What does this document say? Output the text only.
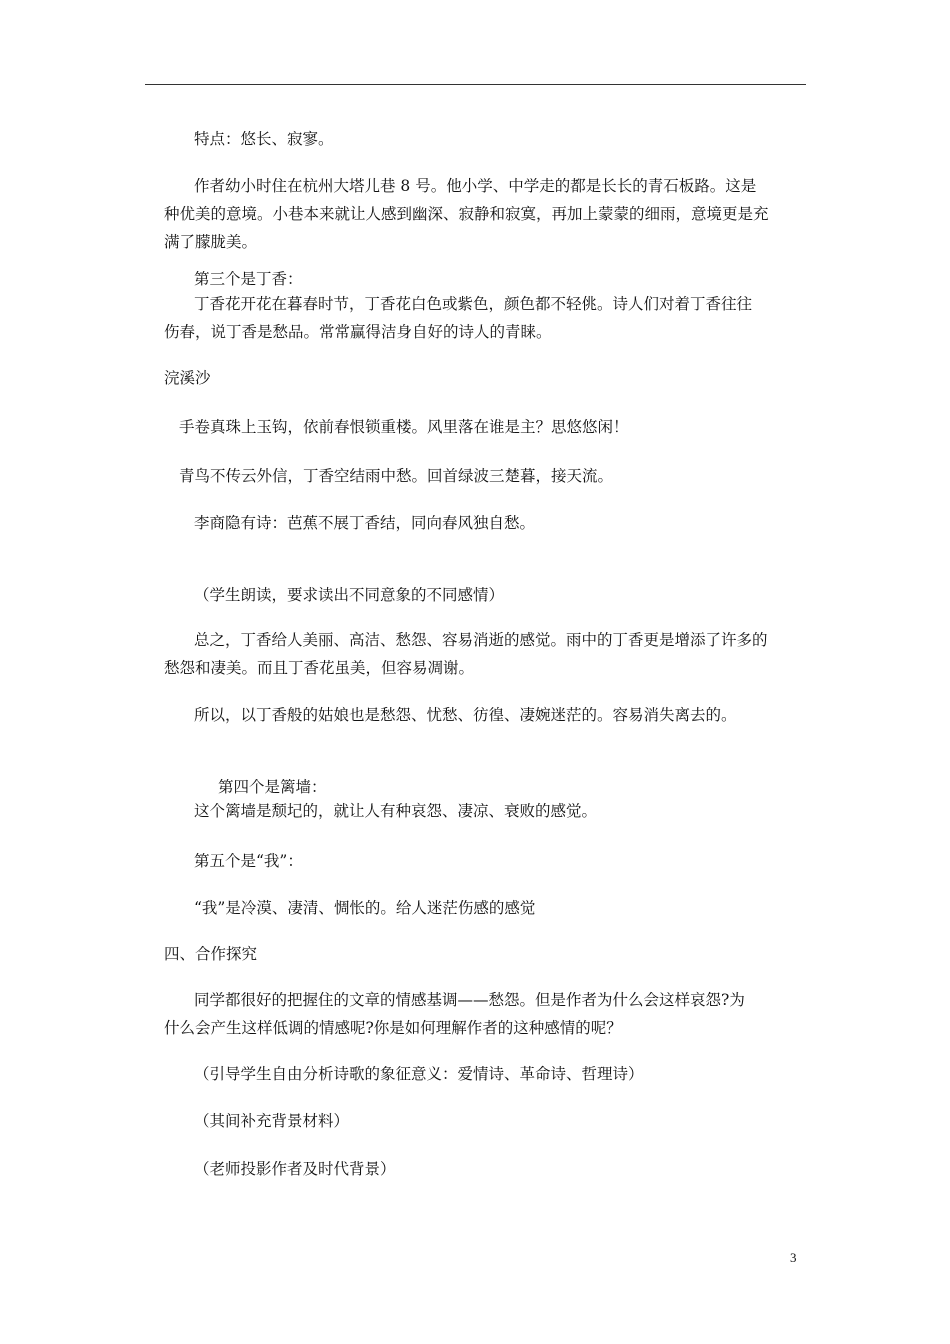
特点：悠长、寂寥。

作者幼小时住在杭州大塔儿巷 8 号。他小学、中学走的都是长长的青石板路。这是
种优美的意境。小巷本来就让人感到幽深、寂静和寂寞，再加上蒙蒙的细雨，意境更是充
满了朦胧美。

第三个是丁香：

丁香花开花在暮春时节，丁香花白色或紫色，颜色都不轻佻。诗人们对着丁香往往
伤春，说丁香是愁品。常常赢得洁身自好的诗人的青睐。

浣溪沙

手卷真珠上玉钩，依前春恨锁重楼。风里落在谁是主？思悠悠闲！

青鸟不传云外信，丁香空结雨中愁。回首绿波三楚暮，接天流。

李商隐有诗：芭蕉不展丁香结，同向春风独自愁。

（学生朗读，要求读出不同意象的不同感情）

总之，丁香给人美丽、高洁、愁怨、容易消逝的感觉。雨中的丁香更是增添了许多的
愁怨和凄美。而且丁香花虽美，但容易凋谢。

所以，以丁香般的姑娘也是愁怨、忧愁、彷徨、凄婉迷茫的。容易消失离去的。

第四个是篱墙：

这个篱墙是颓圮的，就让人有种哀怨、凄凉、衰败的感觉。

第五个是“我”：

“我”是冷漠、凄清、惆怅的。给人迷茫伤感的感觉

四、合作探究

同学都很好的把握住的文章的情感基调——愁怨。但是作者为什么会这样哀怨?为
什么会产生这样低调的情感呢?你是如何理解作者的这种感情的呢？

（引导学生自由分析诗歌的象征意义：爱情诗、革命诗、哲理诗）

（其间补充背景材料）

（老师投影作者及时代背景）

3
